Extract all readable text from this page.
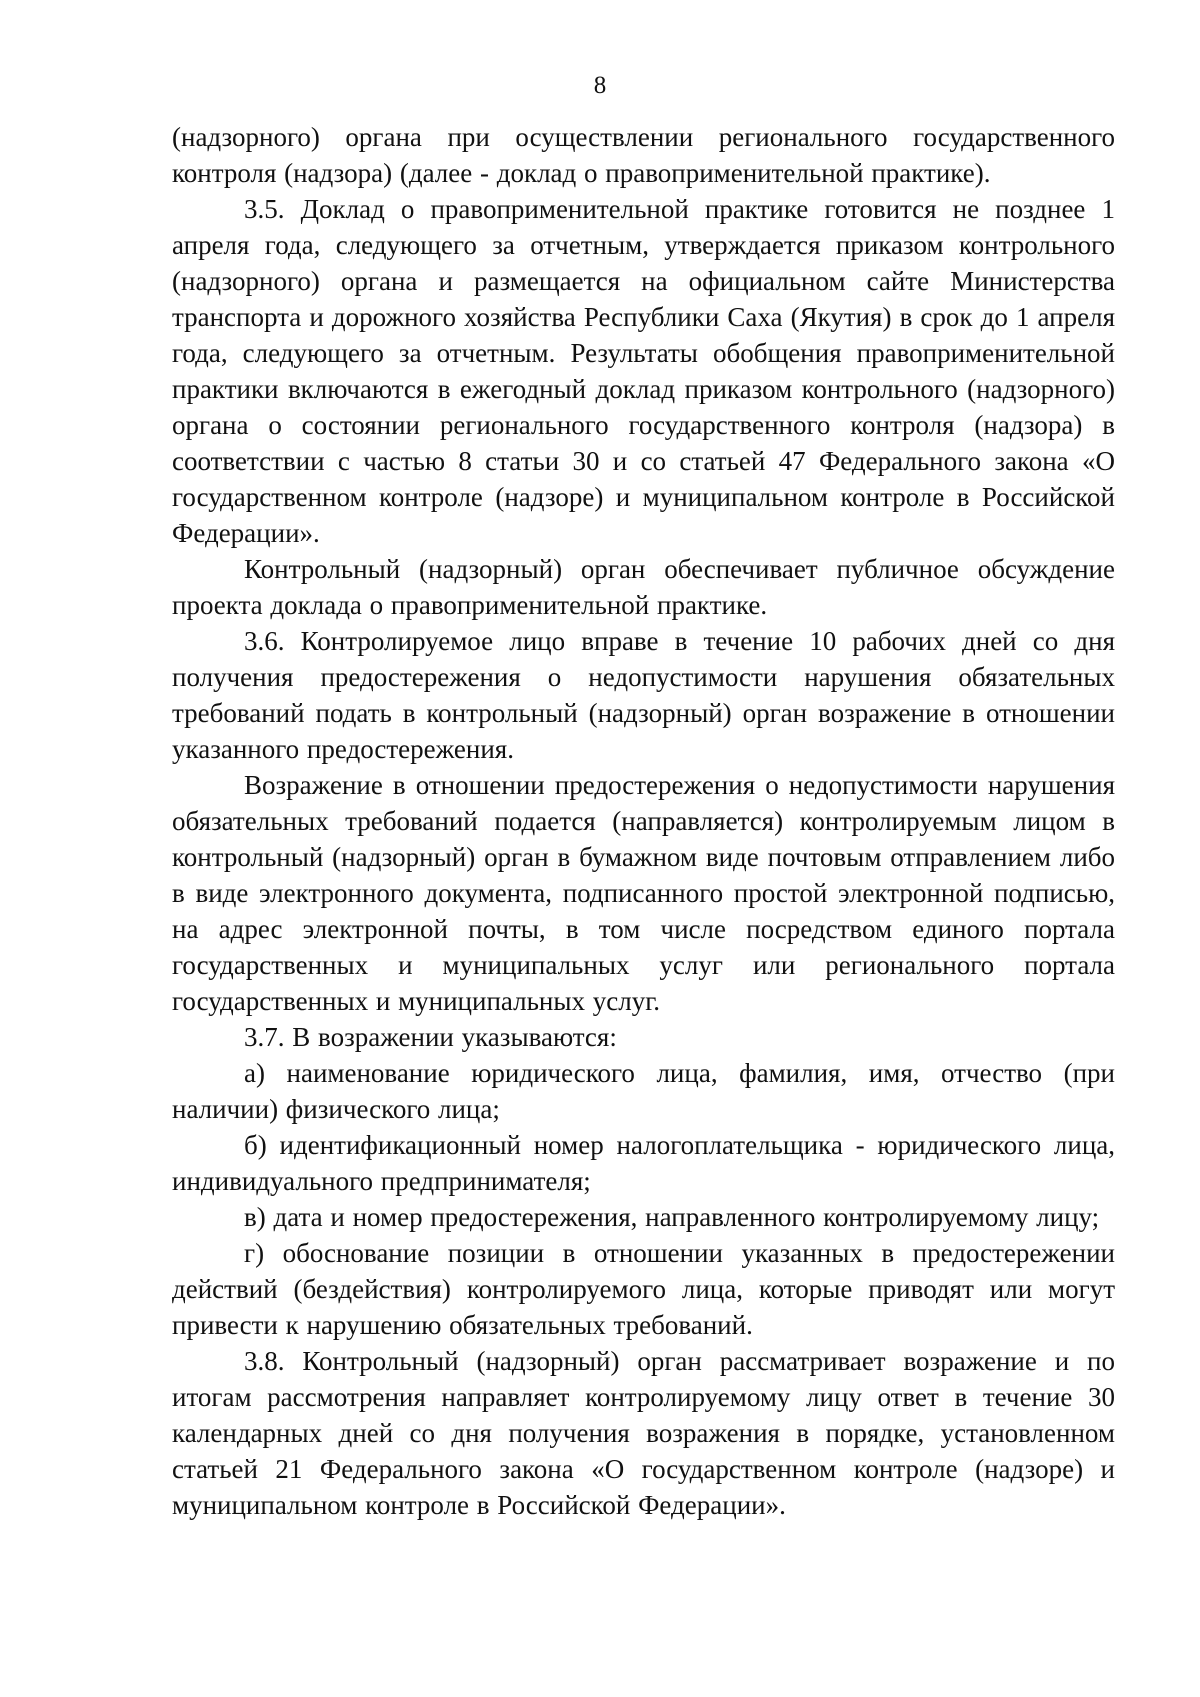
8

(надзорного) органа при осуществлении регионального государственного контроля (надзора) (далее - доклад о правоприменительной практике).

3.5. Доклад о правоприменительной практике готовится не позднее 1 апреля года, следующего за отчетным, утверждается приказом контрольного (надзорного) органа и размещается на официальном сайте Министерства транспорта и дорожного хозяйства Республики Саха (Якутия) в срок до 1 апреля года, следующего за отчетным. Результаты обобщения правоприменительной практики включаются в ежегодный доклад приказом контрольного (надзорного) органа о состоянии регионального государственного контроля (надзора) в соответствии с частью 8 статьи 30 и со статьей 47 Федерального закона «О государственном контроле (надзоре) и муниципальном контроле в Российской Федерации».

Контрольный (надзорный) орган обеспечивает публичное обсуждение проекта доклада о правоприменительной практике.

3.6. Контролируемое лицо вправе в течение 10 рабочих дней со дня получения предостережения о недопустимости нарушения обязательных требований подать в контрольный (надзорный) орган возражение в отношении указанного предостережения.

Возражение в отношении предостережения о недопустимости нарушения обязательных требований подается (направляется) контролируемым лицом в контрольный (надзорный) орган в бумажном виде почтовым отправлением либо в виде электронного документа, подписанного простой электронной подписью, на адрес электронной почты, в том числе посредством единого портала государственных и муниципальных услуг или регионального портала государственных и муниципальных услуг.

3.7. В возражении указываются:

а) наименование юридического лица, фамилия, имя, отчество (при наличии) физического лица;

б) идентификационный номер налогоплательщика - юридического лица, индивидуального предпринимателя;

в) дата и номер предостережения, направленного контролируемому лицу;

г) обоснование позиции в отношении указанных в предостережении действий (бездействия) контролируемого лица, которые приводят или могут привести к нарушению обязательных требований.

3.8. Контрольный (надзорный) орган рассматривает возражение и по итогам рассмотрения направляет контролируемому лицу ответ в течение 30 календарных дней со дня получения возражения в порядке, установленном статьей 21 Федерального закона «О государственном контроле (надзоре) и муниципальном контроле в Российской Федерации».
